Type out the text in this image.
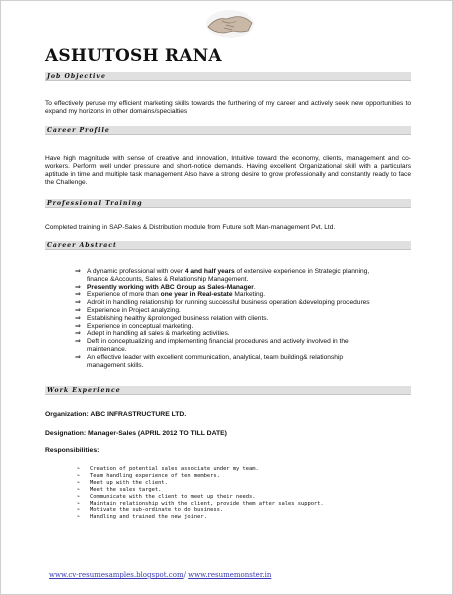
ASHUTOSH RANA
Job Objective
To effectively peruse my efficient marketing skills towards the furthering of my career and actively seek new opportunities to expand my horizons in other domains/specialties
Career Profile
Have high magnitude with sense of creative and innovation, Intuitive toward the economy, clients, management and co-workers. Perform well under pressure and short-notice demands. Having excellent Organizational skill with a particulars aptitude in time and multiple task management Also have a strong desire to grow professionally and constantly ready to face the Challenge.
Professional Training
Completed training in SAP-Sales & Distribution module from Future soft Man-management Pvt. Ltd.
Career Abstract
⇒ A dynamic professional with over 4 and half years of extensive experience in Strategic planning, finance &Accounts, Sales & Relationship Management.
⇒ Presently working with ABC Group as Sales-Manager.
⇒ Experience of more than one year in Real-estate Marketing.
⇒ Adroit in handling relationship for running successful business operation &developing procedures
⇒ Experience in Project analyzing.
⇒ Establishing healthy &prolonged business relation with clients.
⇒ Experience in conceptual marketing.
⇒ Adept in handling all sales & marketing activities.
⇒ Deft in conceptualizing and implementing financial procedures and actively involved in the maintenance.
⇒ An effective leader with excellent communication, analytical, team building& relationship management skills.
Work Experience
Organization: ABC INFRASTRUCTURE LTD.
Designation: Manager-Sales (APRIL 2012 TO TILL DATE)
Responsibilities:
➢ Creation of potential sales associate under my team.
➢ Team handling experience of ten members.
➢ Meet up with the client.
➢ Meet the sales target.
➢ Communicate with the client to meet up their needs.
➢ Maintain relationship with the client, provide them after sales support.
➢ Motivate the sub-ordinate to do business.
➢ Handling and trained the new joiner.
www.cv-resumesamples.blogspot.com/ www.resumemonster.in
